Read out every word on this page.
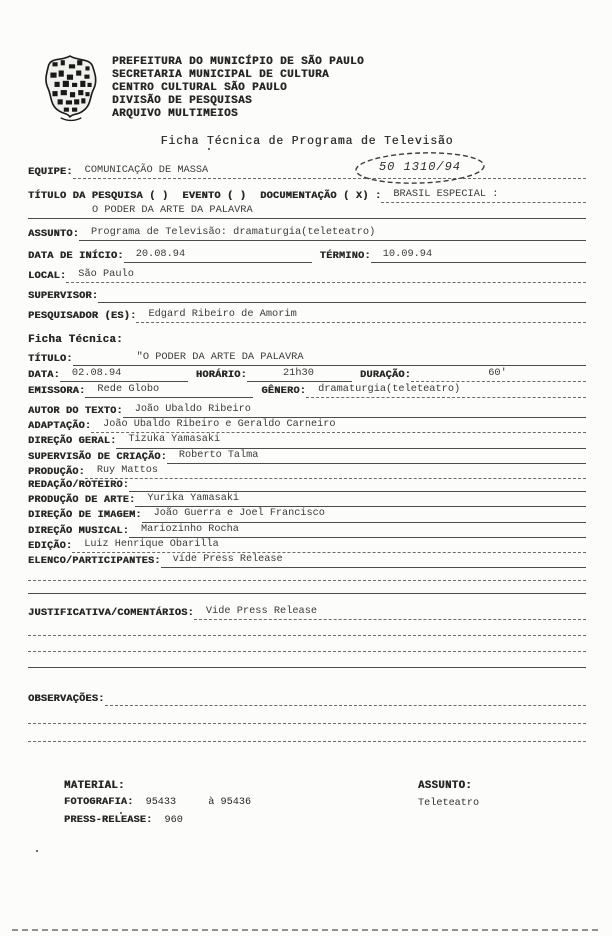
PREFEITURA DO MUNICÍPIO DE SÃO PAULO
SECRETARIA MUNICIPAL DE CULTURA
CENTRO CULTURAL SÃO PAULO
DIVISÃO DE PESQUISAS
ARQUIVO MULTIMEIOS
Ficha Técnica de Programa de Televisão
EQUIPE:	COMUNICAÇÃO DE MASSA
TÍTULO DA PESQUISA ( ) EVENTO ( ) DOCUMENTAÇÃO ( X) :	BRASIL ESPECIAL :
O PODER DA ARTE DA PALAVRA
ASSUNTO:	Programa de Televisão: dramaturgia(teleteatro)
DATA DE INÍCIO:	20.08.94	TÉRMINO:	10.09.94
LOCAL:	São Paulo
SUPERVISOR:
PESQUISADOR (ES):	Edgard Ribeiro de Amorim
Ficha Técnica:
TÍTULO:	"O PODER DA ARTE DA PALAVRA
DATA:	02.08.94	HORÁRIO:	21h30	DURAÇÃO:	60'
EMISSORA:	Rede Globo	GÊNERO:	dramaturgia(teleteatro)
AUTOR DO TEXTO:	João Ubaldo Ribeiro
ADAPTAÇÃO:	João Ubaldo Ribeiro e Geraldo Carneiro
DIREÇÃO GERAL:	Tizuka Yamasaki
SUPERVISÃO DE CRIAÇÃO:	Roberto Talma
PRODUÇÃO:	Ruy Mattos
REDAÇÃO/ROTEIRO:
PRODUÇÃO DE ARTE:	Yurika Yamasaki
DIREÇÃO DE IMAGEM:	João Guerra e Joel Francisco
DIREÇÃO MUSICAL:	Mariozinho Rocha
EDIÇÃO:	Luiz Henrique Obarilla
ELENCO/PARTICIPANTES:	vide Press Release
JUSTIFICATIVA/COMENTÁRIOS:	Vide Press Release
OBSERVAÇÕES:
MATERIAL:
FOTOGRAFIA: 95433	à 95436
PRESS-RELEASE: 960
ASSUNTO:
Teleteatro
50 1310/94
